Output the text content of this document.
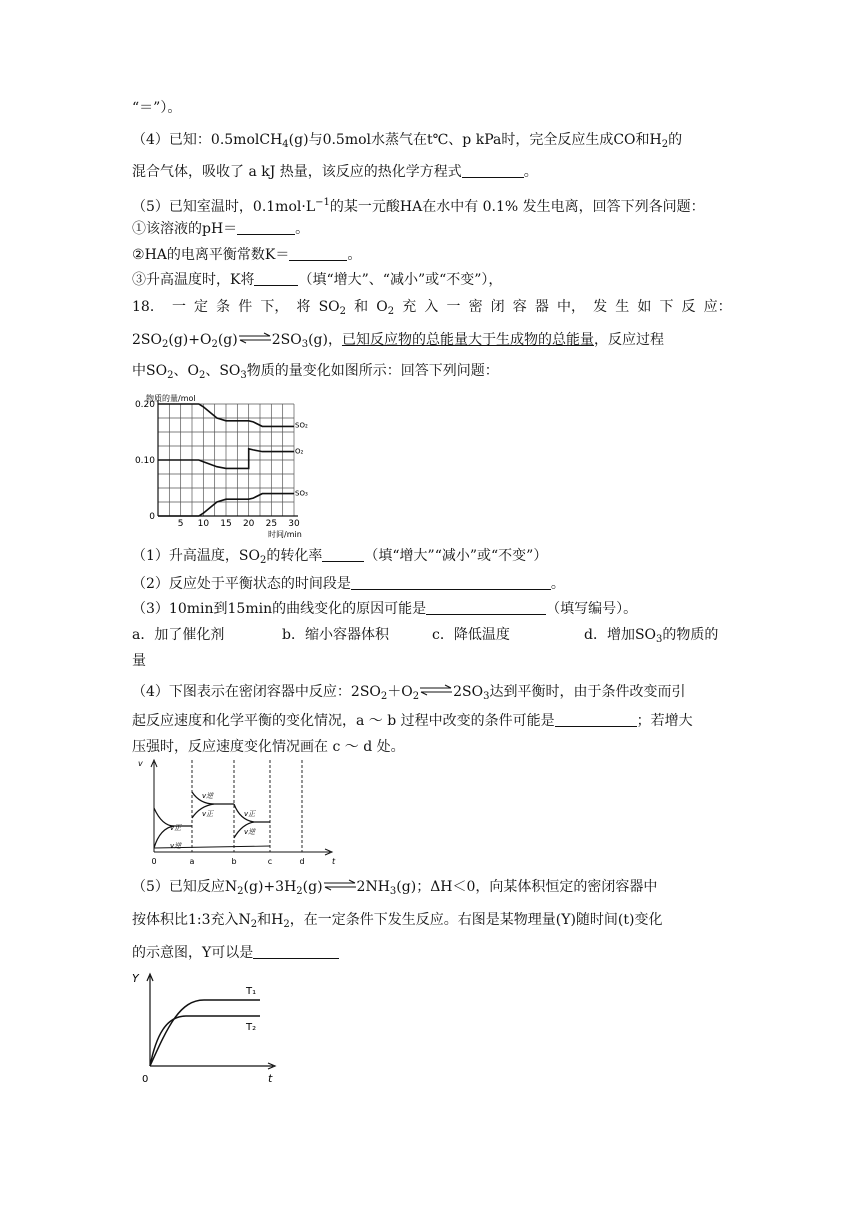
“＝”）。
（4）已知：0.5molCH$_4$(g)与0.5mol水蒸气在t℃、p kPa时，完全反应生成CO和$H_2$的
混合气体，吸收了 a kJ 热量，该反应的热化学方程式	。
（5）已知室温时，$0.1mol\cdot L^{-1}$的某一元酸HA在水中有 0.1% 发生电离，回答下列各问题：
①该溶液的pH＝	。
②HA的电离平衡常数K＝	。
③升高温度时，K将	（填“增大”、“减小”或“不变”），
18． 一 定 条 件 下， 将 $SO_2$ 和 $O_2$ 充 入 一 密 闭 容 器 中， 发 生 如 下 反 应：
$2SO_2(g)+O_2(g)\rightleftharpoons 2SO_3(g)$，已知反应物的总能量大于生成物的总能量，反应过程
中$SO_2$、$O_2$、$SO_3$物质的量变化如图所示：回答下列问题：
物质的量/mol
0
0.10
0.20
5 10 15 20 25 30
时间/min
SO₂
O₂
SO₃
（1）升高温度，$SO_2$的转化率	（填“增大”“减小”或“不变”）
（2）反应处于平衡状态的时间段是	。
（3）10min到15min的曲线变化的原因可能是	（填写编号）。
a．加了催化剂	b．缩小容器体积	c．降低温度	d．增加$SO_3$的物质的
量
（4）下图表示在密闭容器中反应：$2SO_2+O_2$ $\rightleftharpoons 2SO_3$达到平衡时，由于条件改变而引
起反应速度和化学平衡的变化情况，a ～ b 过程中改变的条件可能是	；若增大
压强时，反应速度变化情况画在 c ～ d 处。
v
t
0	a	b	c	d
v正
v逆
v逆
v正	v正
v逆
（5）已知反应$N_2(g)+3H_2(g)\rightleftharpoons 2NH_3(g)$；ΔH＜0，向某体积恒定的密闭容器中
按体积比1:3充入$N_2$和$H_2$，在一定条件下发生反应。右图是某物理量(Y)随时间(t)变化
的示意图，Y可以是
Y
t
0
T₁
T₂
